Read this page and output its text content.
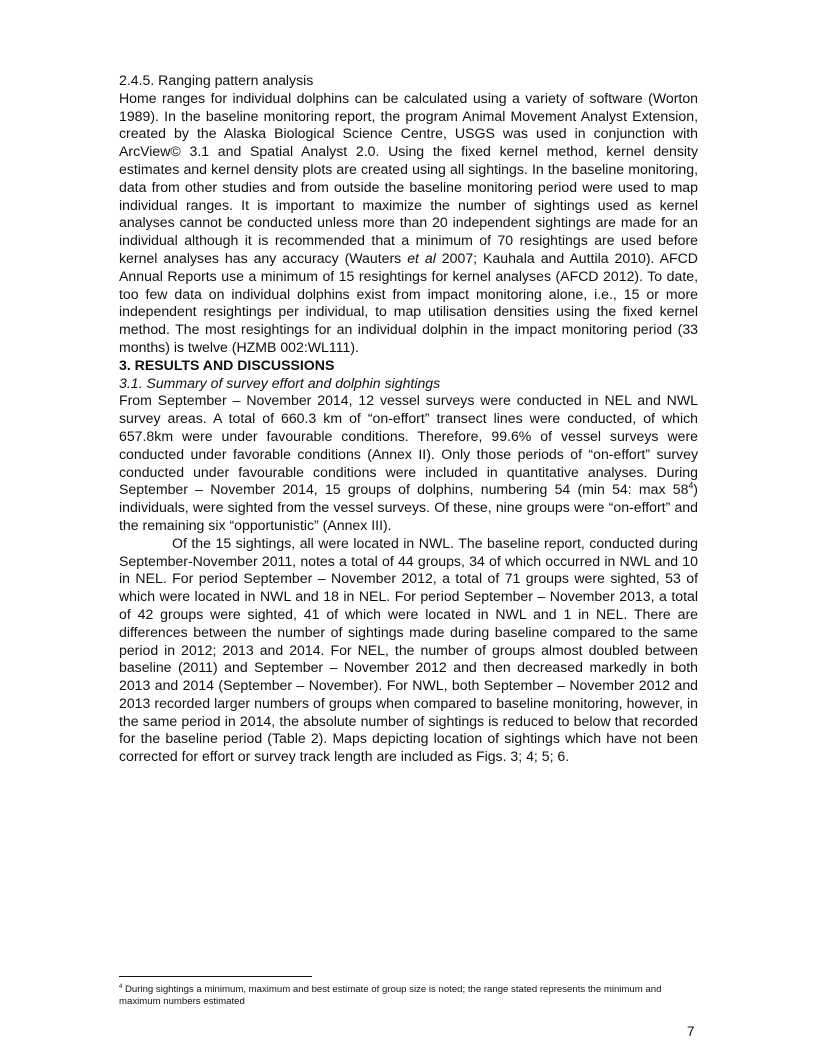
2.4.5. Ranging pattern analysis

Home ranges for individual dolphins can be calculated using a variety of software (Worton 1989). In the baseline monitoring report, the program Animal Movement Analyst Extension, created by the Alaska Biological Science Centre, USGS was used in conjunction with ArcView© 3.1 and Spatial Analyst 2.0. Using the fixed kernel method, kernel density estimates and kernel density plots are created using all sightings. In the baseline monitoring, data from other studies and from outside the baseline monitoring period were used to map individual ranges. It is important to maximize the number of sightings used as kernel analyses cannot be conducted unless more than 20 independent sightings are made for an individual although it is recommended that a minimum of 70 resightings are used before kernel analyses has any accuracy (Wauters et al 2007; Kauhala and Auttila 2010). AFCD Annual Reports use a minimum of 15 resightings for kernel analyses (AFCD 2012). To date, too few data on individual dolphins exist from impact monitoring alone, i.e., 15 or more independent resightings per individual, to map utilisation densities using the fixed kernel method. The most resightings for an individual dolphin in the impact monitoring period (33 months) is twelve (HZMB 002:WL111).

3. RESULTS AND DISCUSSIONS

3.1. Summary of survey effort and dolphin sightings

From September – November 2014, 12 vessel surveys were conducted in NEL and NWL survey areas. A total of 660.3 km of “on-effort” transect lines were conducted, of which 657.8km were under favourable conditions. Therefore, 99.6% of vessel surveys were conducted under favorable conditions (Annex II). Only those periods of “on-effort” survey conducted under favourable conditions were included in quantitative analyses. During September – November 2014, 15 groups of dolphins, numbering 54 (min 54: $\max 58^4$) individuals, were sighted from the vessel surveys. Of these, nine groups were “on-effort” and the remaining six “opportunistic” (Annex III).

Of the 15 sightings, all were located in NWL. The baseline report, conducted during September-November 2011, notes a total of 44 groups, 34 of which occurred in NWL and 10 in NEL. For period September – November 2012, a total of 71 groups were sighted, 53 of which were located in NWL and 18 in NEL. For period September – November 2013, a total of 42 groups were sighted, 41 of which were located in NWL and 1 in NEL. There are differences between the number of sightings made during baseline compared to the same period in 2012; 2013 and 2014. For NEL, the number of groups almost doubled between baseline (2011) and September – November 2012 and then decreased markedly in both 2013 and 2014 (September – November). For NWL, both September – November 2012 and 2013 recorded larger numbers of groups when compared to baseline monitoring, however, in the same period in 2014, the absolute number of sightings is reduced to below that recorded for the baseline period (Table 2). Maps depicting location of sightings which have not been corrected for effort or survey track length are included as Figs. 3; 4; 5; 6.

$^4$ During sightings a minimum, maximum and best estimate of group size is noted; the range stated represents the minimum and maximum numbers estimated
7
